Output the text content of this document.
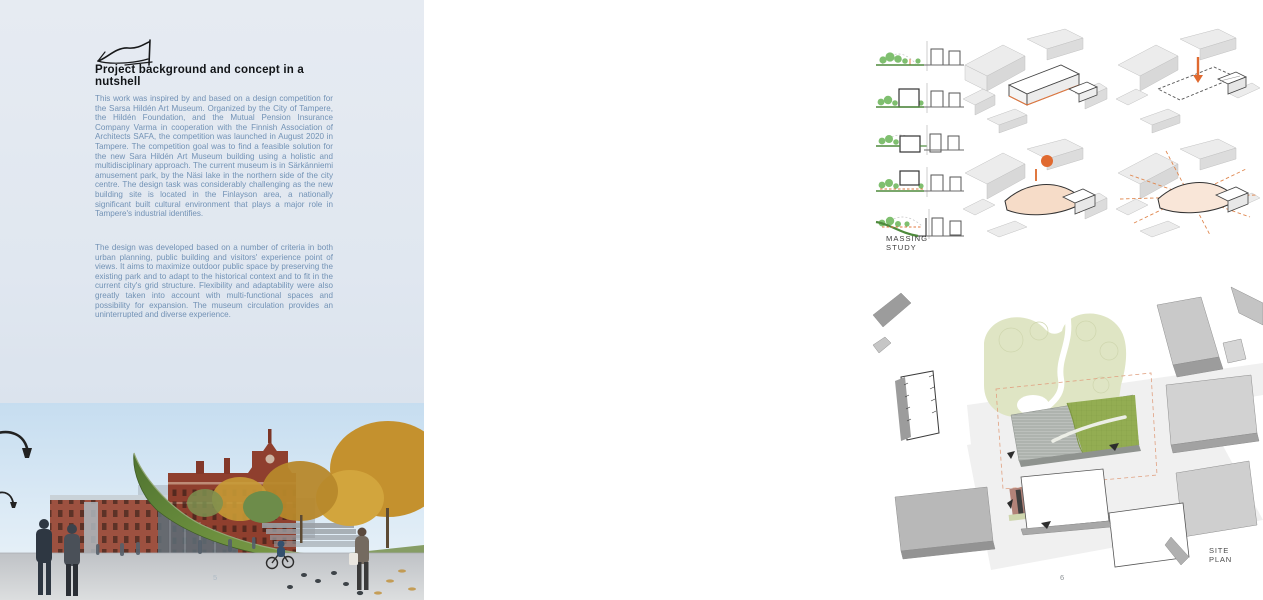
Project background and concept in a nutshell
This work was inspired by and based on a design competition for the Sarsa Hildén Art Museum. Organized by the City of Tampere, the Hildén Foundation, and the Mutual Pension Insurance Company Varma in cooperation with the Finnish Association of Architects SAFA, the competition was launched in August 2020 in Tampere. The competition goal was to find a feasible solution for the new Sara Hildén Art Museum building using a holistic and multidisciplinary approach. The current museum is in Särkänniemi amusement park, by the Näsi lake in the northern side of the city centre. The design task was considerably challenging as the new building site is located in the Finlayson area, a nationally significant built cultural environment that plays a major role in Tampere's industrial identifies.
The design was developed based on a number of criteria in both urban planning, public building and visitors' experience point of views. It aims to maximize outdoor public space by preserving the existing park and to adapt to the historical context and to fit in the current city's grid structure. Flexibility and adaptability were also greatly taken into account with multi-functional spaces and possibility for expansion. The museum circulation provides an uninterrupted and diverse experience.
5
MASSING STUDY
SITE PLAN
6
